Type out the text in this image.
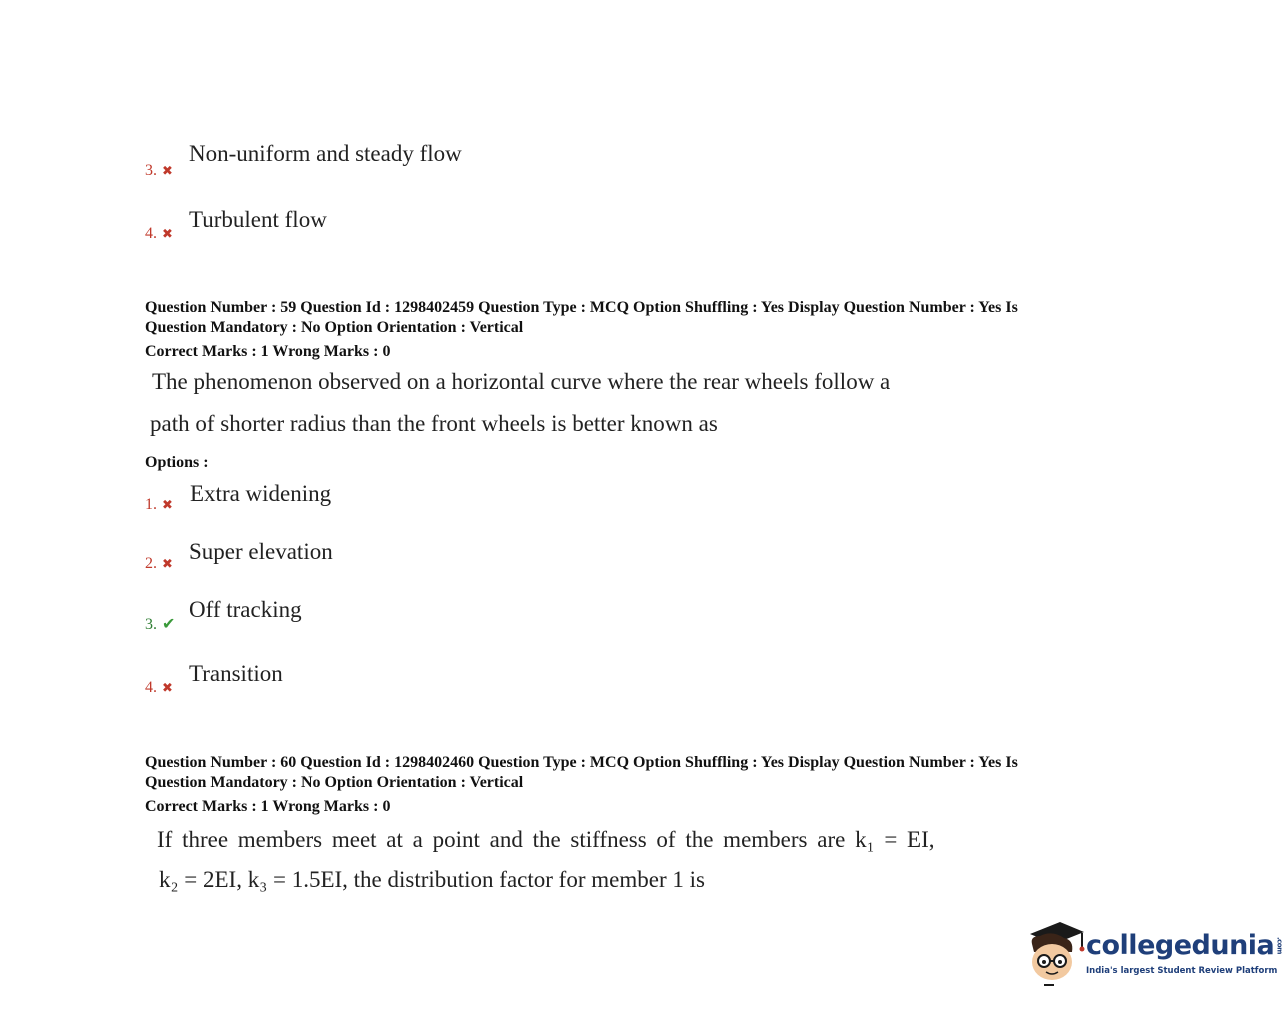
3. ✖
Non-uniform and steady flow
4. ✖
Turbulent flow
Question Number : 59 Question Id : 1298402459 Question Type : MCQ Option Shuffling : Yes Display Question Number : Yes Is
Question Mandatory : No Option Orientation : Vertical
Correct Marks : 1 Wrong Marks : 0
The phenomenon observed on a horizontal curve where the rear wheels follow a
path of shorter radius than the front wheels is better known as
Options :
1. ✖ Extra widening
2. ✖ Super elevation
3. ✔
Off tracking
4. ✖
Transition
Question Number : 60 Question Id : 1298402460 Question Type : MCQ Option Shuffling : Yes Display Question Number : Yes Is
Question Mandatory : No Option Orientation : Vertical
Correct Marks : 1 Wrong Marks : 0
If three members meet at a point and the stiffness of the members are k₁ = EI,
k₂ = 2EI, k₃ = 1.5EI, the distribution factor for member 1 is
collegedunia.com
India's largest Student Review Platform
